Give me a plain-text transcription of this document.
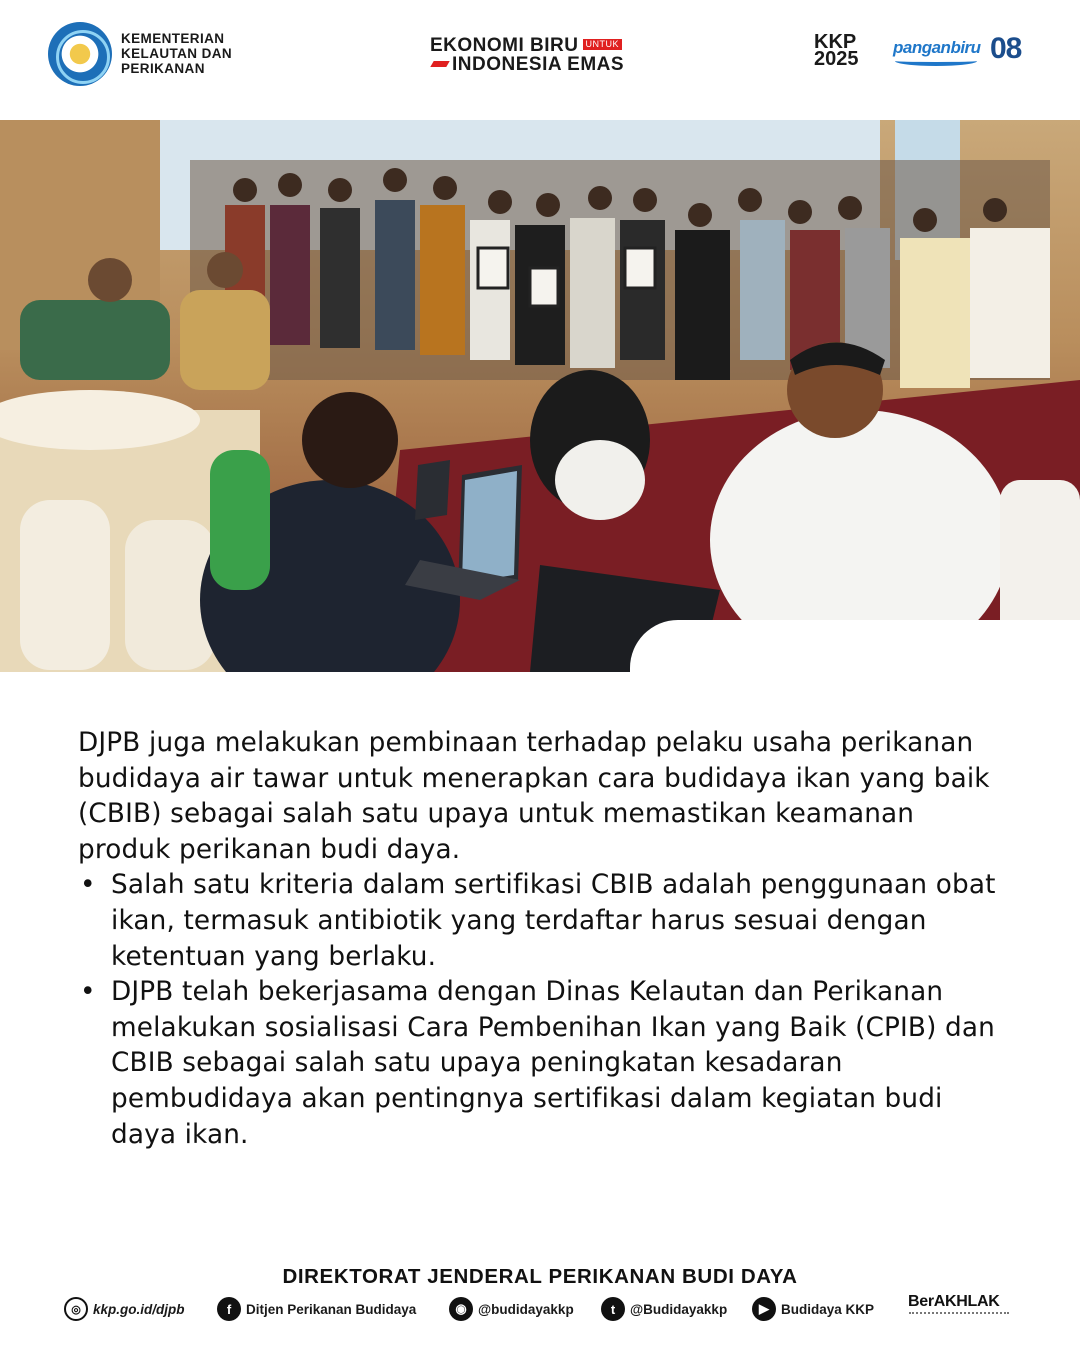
KEMENTERIAN
KELAUTAN DAN
PERIKANAN
EKONOMI BIRU UNTUK
INDONESIA EMAS
KKP
2025
panganbiru 08

DJPB juga melakukan pembinaan terhadap pelaku usaha perikanan budidaya air tawar untuk menerapkan cara budidaya ikan yang baik (CBIB) sebagai salah satu upaya untuk memastikan keamanan produk perikanan budi daya.

• Salah satu kriteria dalam sertifikasi CBIB adalah penggunaan obat ikan, termasuk antibiotik yang terdaftar harus sesuai dengan ketentuan yang berlaku.
• DJPB telah bekerjasama dengan Dinas Kelautan dan Perikanan melakukan sosialisasi Cara Pembenihan Ikan yang Baik (CPIB) dan CBIB sebagai salah satu upaya peningkatan kesadaran pembudidaya akan pentingnya sertifikasi dalam kegiatan budi daya ikan.
DIREKTORAT JENDERAL PERIKANAN BUDI DAYA
◎ kkp.go.id/djpb	f	Ditjen Perikanan Budidaya	◉ @budidayakkp	t	@Budidayakkp	▶ Budidaya KKP BerAKHLAK
